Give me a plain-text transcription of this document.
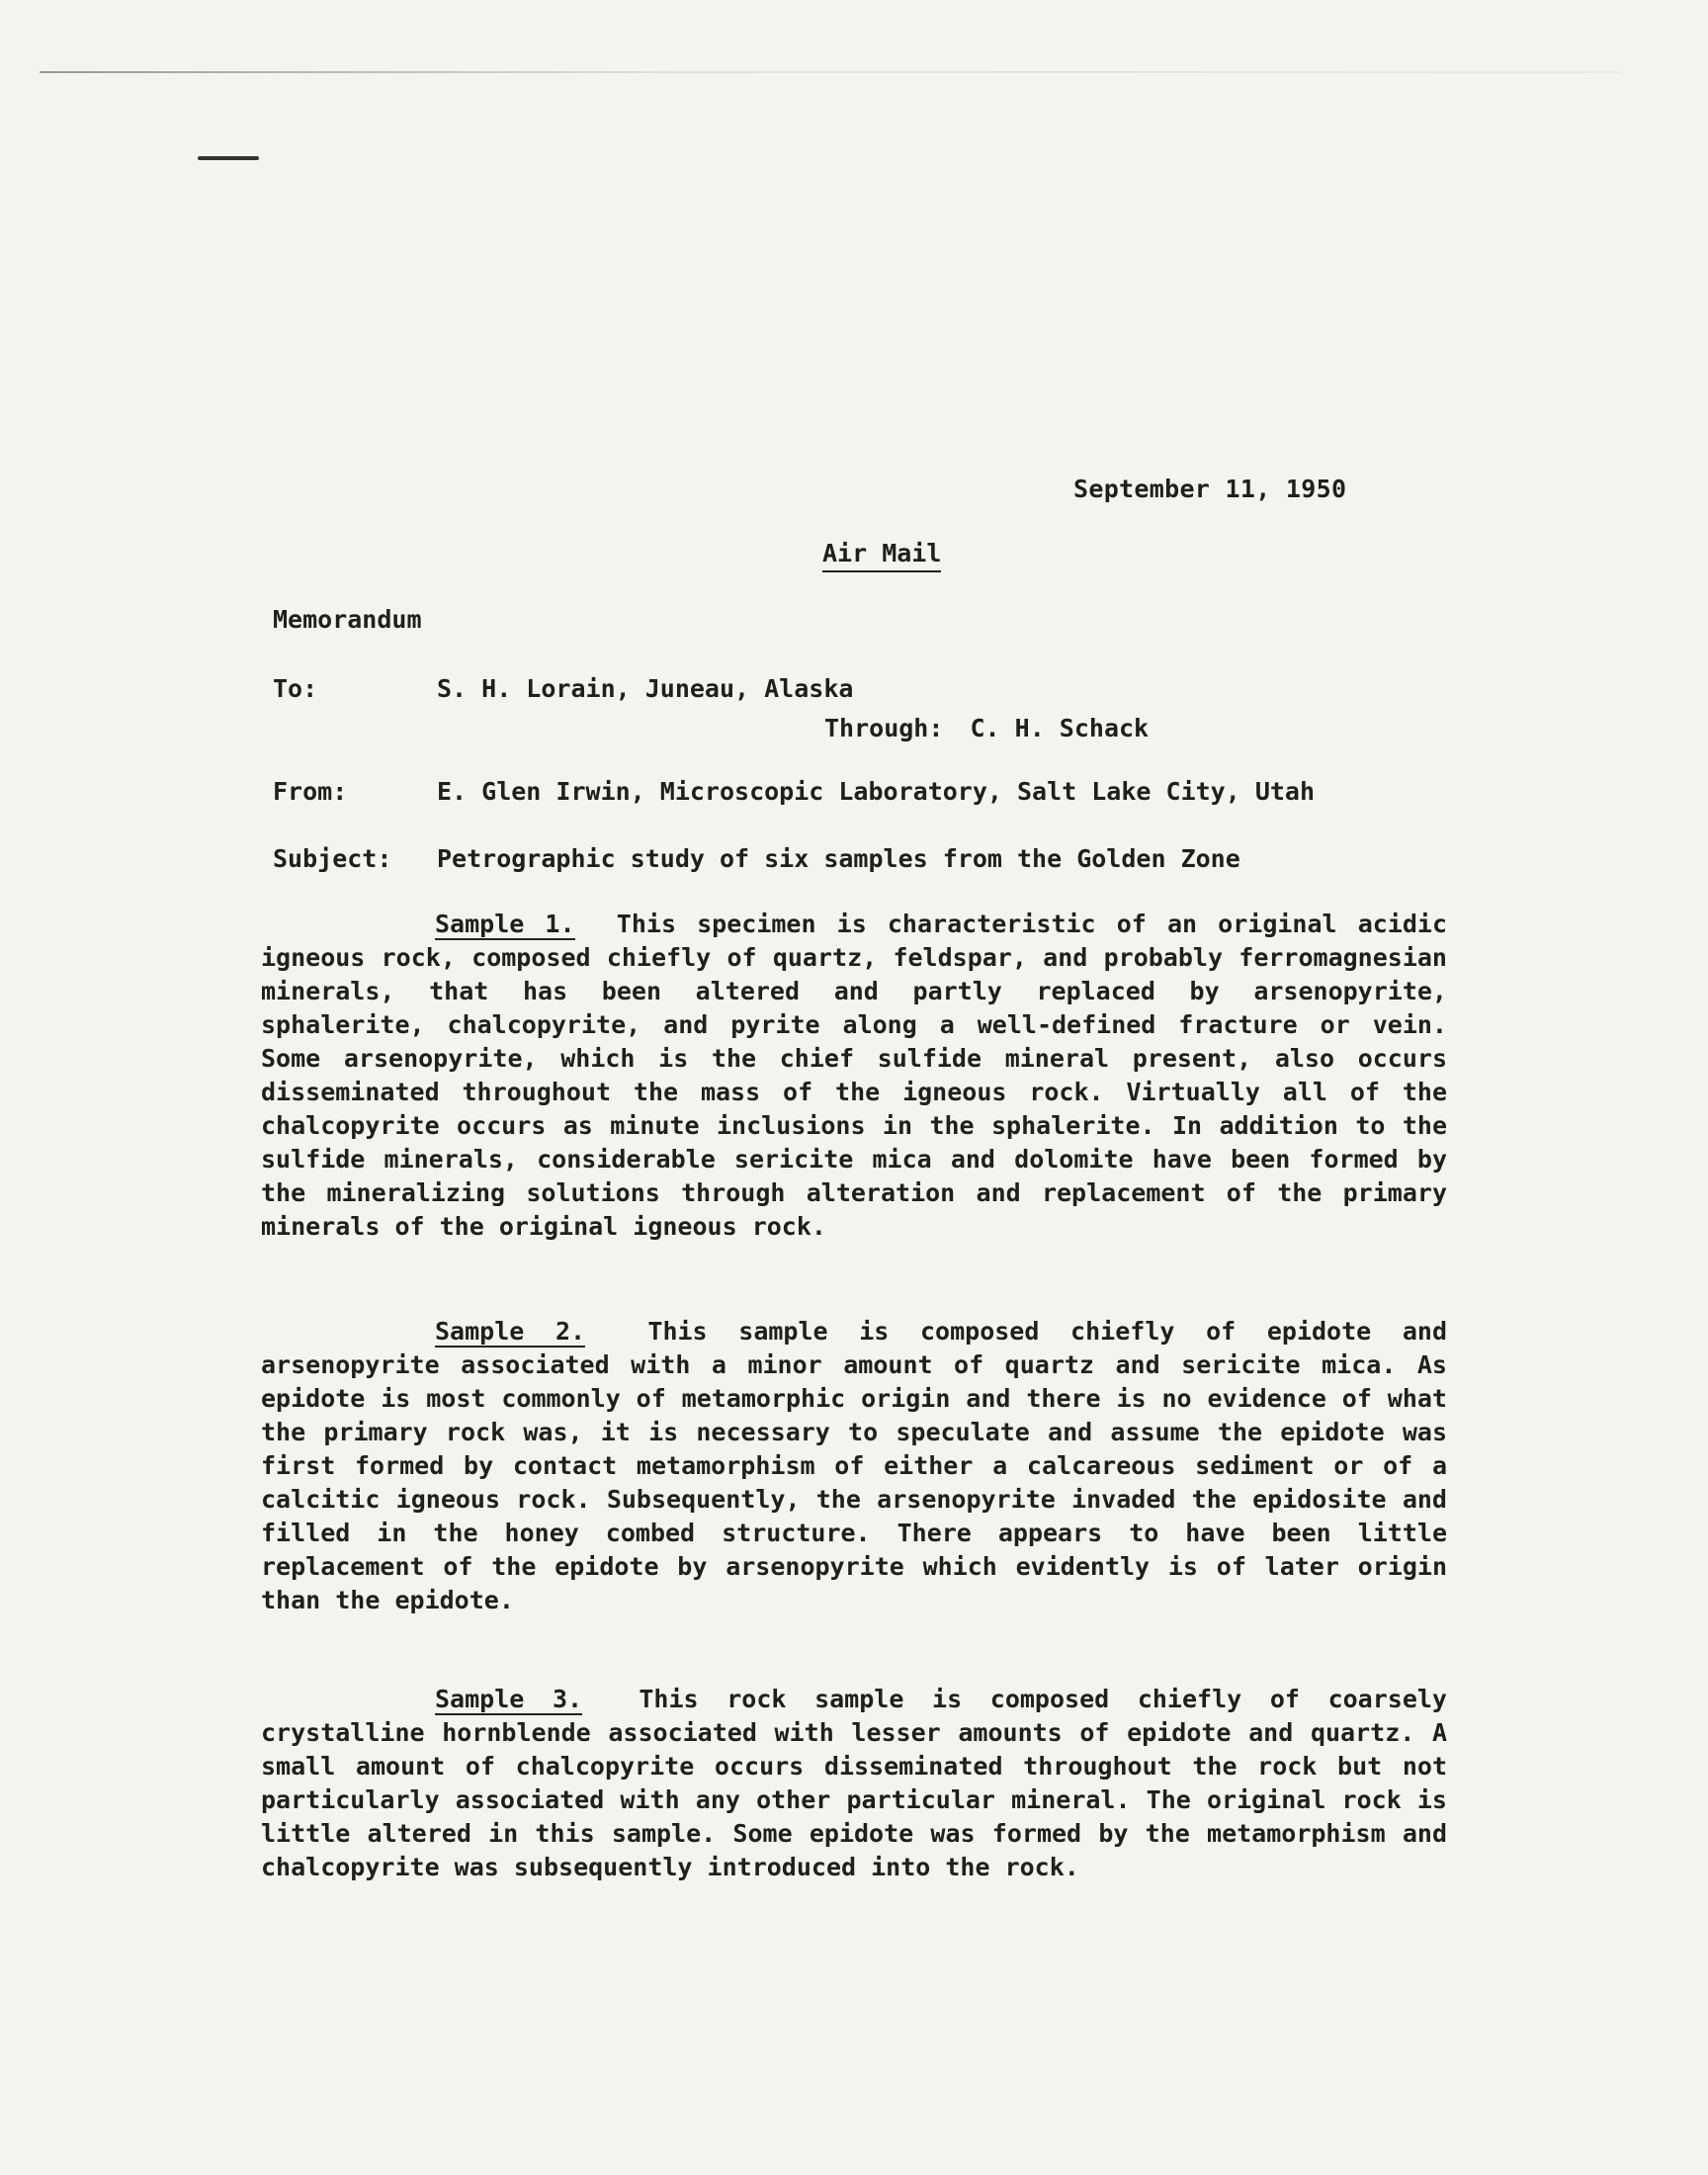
September 11, 1950
Air Mail
Memorandum
To:	S. H. Lorain, Juneau, Alaska
Through: C. H. Schack
From:	E. Glen Irwin, Microscopic Laboratory, Salt Lake City, Utah
Subject: Petrographic study of six samples from the Golden Zone

Sample 1. This specimen is characteristic of an original acidic igneous rock, composed chiefly of quartz, feldspar, and probably ferromagnesian minerals, that has been altered and partly replaced by arsenopyrite, sphalerite, chalcopyrite, and pyrite along a well-defined fracture or vein. Some arsenopyrite, which is the chief sulfide mineral present, also occurs disseminated throughout the mass of the igneous rock. Virtually all of the chalcopyrite occurs as minute inclusions in the sphalerite. In addition to the sulfide minerals, considerable sericite mica and dolomite have been formed by the mineralizing solutions through alteration and replacement of the primary minerals of the original igneous rock.

Sample 2.	This sample is composed chiefly of epidote and arsenopyrite associated with a minor amount of quartz and sericite mica. As epidote is most commonly of metamorphic origin and there is no evidence of what the primary rock was, it is necessary to speculate and assume the epidote was first formed by contact metamorphism of either a calcareous sediment or of a calcitic igneous rock. Subsequently, the arsenopyrite invaded the epidosite and filled in the honey combed structure. There appears to have been little replacement of the epidote by arsenopyrite which evidently is of later origin than the epidote.

Sample 3. This rock sample is composed chiefly of coarsely crystalline hornblende associated with lesser amounts of epidote and quartz. A small amount of chalcopyrite occurs disseminated throughout the rock but not particularly associated with any other particular mineral. The original rock is little altered in this sample. Some epidote was formed by the metamorphism and chalcopyrite was subsequently introduced into the rock.
